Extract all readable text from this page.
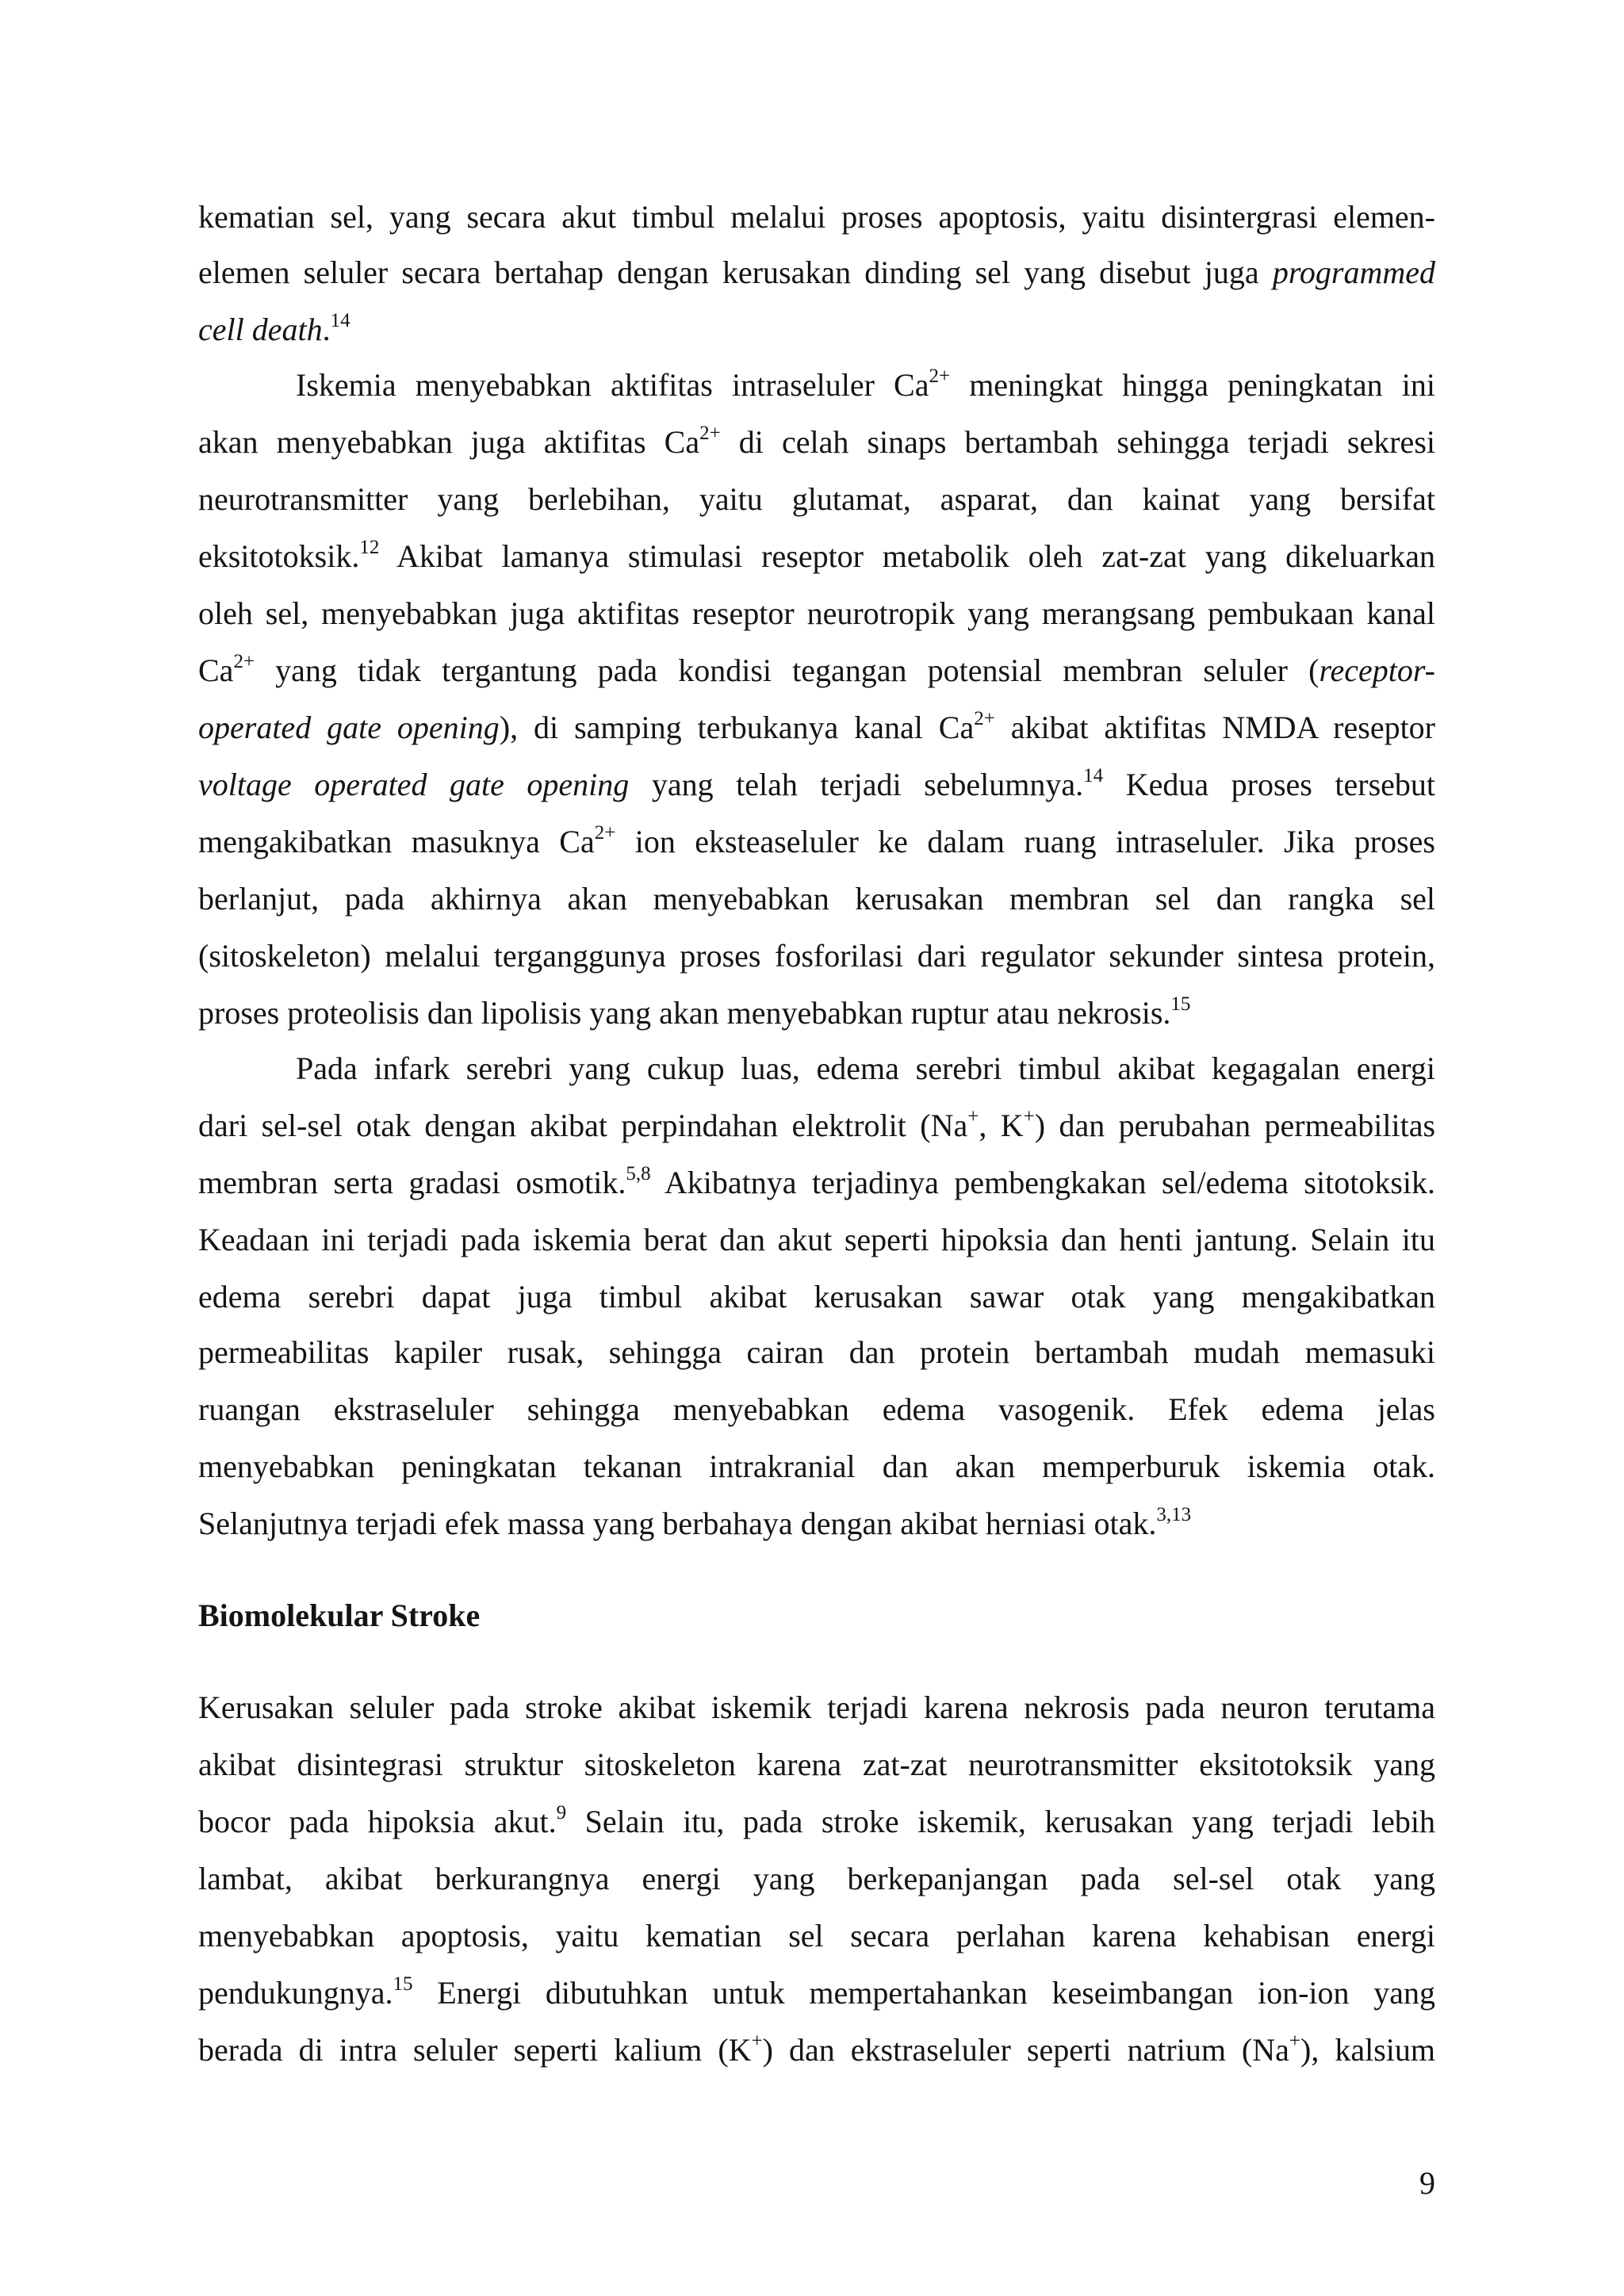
kematian sel, yang secara akut timbul melalui proses apoptosis, yaitu disintergrasi elemen-
elemen seluler secara bertahap dengan kerusakan dinding sel yang disebut juga programmed
cell death.$^{14}$
Iskemia menyebabkan aktifitas intraseluler $Ca^{2+}$ meningkat hingga peningkatan ini
akan menyebabkan juga aktifitas $Ca^{2+}$ di celah sinaps bertambah sehingga terjadi sekresi
neurotransmitter yang berlebihan, yaitu glutamat, asparat, dan kainat yang bersifat
eksitotoksik.$^{12}$ Akibat lamanya stimulasi reseptor metabolik oleh zat-zat yang dikeluarkan
oleh sel, menyebabkan juga aktifitas reseptor neurotropik yang merangsang pembukaan kanal
$Ca^{2+}$ yang tidak tergantung pada kondisi tegangan potensial membran seluler (receptor-
operated gate opening), di samping terbukanya kanal $Ca^{2+}$ akibat aktifitas NMDA reseptor
voltage operated gate opening yang telah terjadi sebelumnya.$^{14}$ Kedua proses tersebut
mengakibatkan masuknya $Ca^{2+}$ ion eksteaseluler ke dalam ruang intraseluler. Jika proses
berlanjut, pada akhirnya akan menyebabkan kerusakan membran sel dan rangka sel
(sitoskeleton) melalui terganggunya proses fosforilasi dari regulator sekunder sintesa protein,
proses proteolisis dan lipolisis yang akan menyebabkan ruptur atau nekrosis.$^{15}$
Pada infark serebri yang cukup luas, edema serebri timbul akibat kegagalan energi
dari sel-sel otak dengan akibat perpindahan elektrolit (Na+, K+) dan perubahan permeabilitas
membran serta gradasi osmotik.$^{5,8}$ Akibatnya terjadinya pembengkakan sel/edema sitotoksik.
Keadaan ini terjadi pada iskemia berat dan akut seperti hipoksia dan henti jantung. Selain itu
edema serebri dapat juga timbul akibat kerusakan sawar otak yang mengakibatkan
permeabilitas kapiler rusak, sehingga cairan dan protein bertambah mudah memasuki
ruangan ekstraseluler sehingga menyebabkan edema vasogenik. Efek edema jelas
menyebabkan peningkatan tekanan intrakranial dan akan memperburuk iskemia otak.
Selanjutnya terjadi efek massa yang berbahaya dengan akibat herniasi otak.$^{3,13}$
Kerusakan seluler pada stroke akibat iskemik terjadi karena nekrosis pada neuron terutama
akibat disintegrasi struktur sitoskeleton karena zat-zat neurotransmitter eksitotoksik yang
bocor pada hipoksia akut.$^9$ Selain itu, pada stroke iskemik, kerusakan yang terjadi lebih
lambat, akibat berkurangnya energi yang berkepanjangan pada sel-sel otak yang
menyebabkan apoptosis, yaitu kematian sel secara perlahan karena kehabisan energi
pendukungnya.$^{15}$ Energi dibutuhkan untuk mempertahankan keseimbangan ion-ion yang
berada di intra seluler seperti kalium (K+) dan ekstraseluler seperti natrium (Na+), kalsium
Biomolekular Stroke
9
